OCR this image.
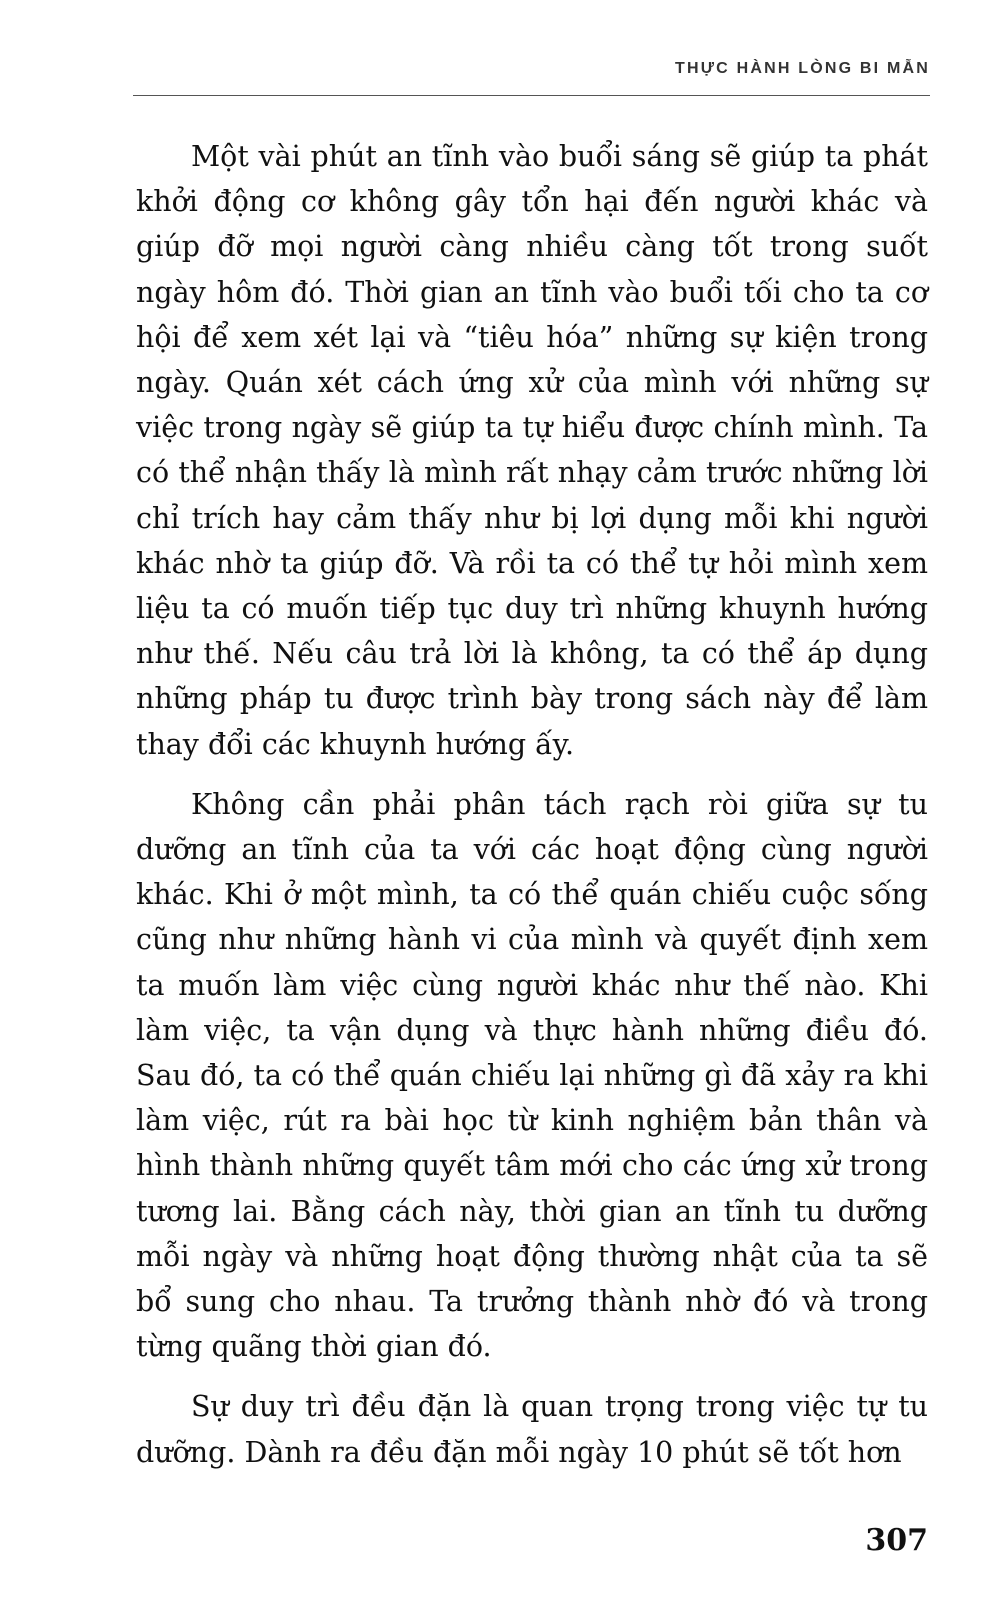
THỰC HÀNH LÒNG BI MẪN

Một vài phút an tĩnh vào buổi sáng sẽ giúp ta phát khởi động cơ không gây tổn hại đến người khác và giúp đỡ mọi người càng nhiều càng tốt trong suốt ngày hôm đó. Thời gian an tĩnh vào buổi tối cho ta cơ hội để xem xét lại và “tiêu hóa” những sự kiện trong ngày. Quán xét cách ứng xử của mình với những sự việc trong ngày sẽ giúp ta tự hiểu được chính mình. Ta có thể nhận thấy là mình rất nhạy cảm trước những lời chỉ trích hay cảm thấy như bị lợi dụng mỗi khi người khác nhờ ta giúp đỡ. Và rồi ta có thể tự hỏi mình xem liệu ta có muốn tiếp tục duy trì những khuynh hướng như thế. Nếu câu trả lời là không, ta có thể áp dụng những pháp tu được trình bày trong sách này để làm thay đổi các khuynh hướng ấy.

Không cần phải phân tách rạch ròi giữa sự tu dưỡng an tĩnh của ta với các hoạt động cùng người khác. Khi ở một mình, ta có thể quán chiếu cuộc sống cũng như những hành vi của mình và quyết định xem ta muốn làm việc cùng người khác như thế nào. Khi làm việc, ta vận dụng và thực hành những điều đó. Sau đó, ta có thể quán chiếu lại những gì đã xảy ra khi làm việc, rút ra bài học từ kinh nghiệm bản thân và hình thành những quyết tâm mới cho các ứng xử trong tương lai. Bằng cách này, thời gian an tĩnh tu dưỡng mỗi ngày và những hoạt động thường nhật của ta sẽ bổ sung cho nhau. Ta trưởng thành nhờ đó và trong từng quãng thời gian đó.

Sự duy trì đều đặn là quan trọng trong việc tự tu dưỡng. Dành ra đều đặn mỗi ngày 10 phút sẽ tốt hơn

307
